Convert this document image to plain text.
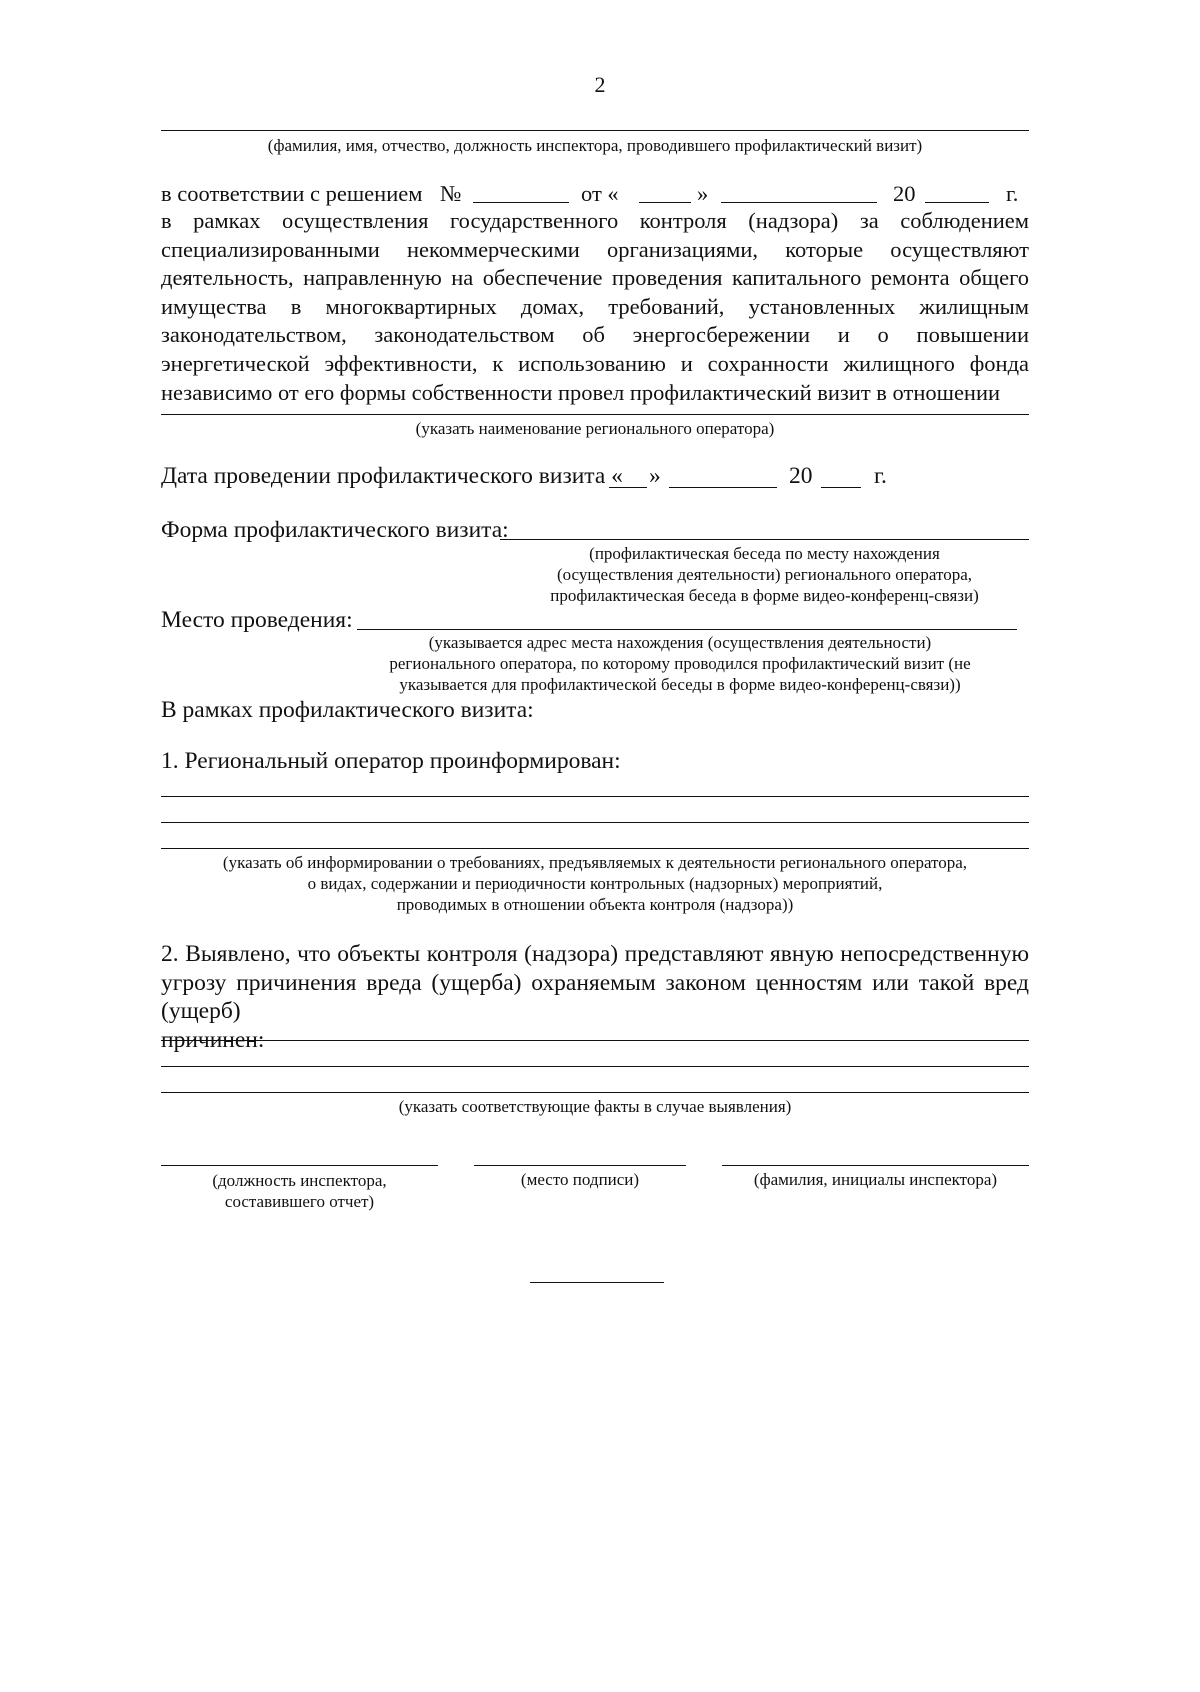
2
(фамилия, имя, отчество, должность инспектора, проводившего профилактический визит)
в соответствии с решением №	от «	»	20	г.
в рамках осуществления государственного контроля (надзора) за соблюдением
специализированными некоммерческими организациями, которые осуществляют
деятельность, направленную на обеспечение проведения капитального ремонта общего
имущества в многоквартирных домах, требований, установленных жилищным
законодательством, законодательством об энергосбережении и о повышении
энергетической эффективности, к использованию и сохранности жилищного фонда
независимо от его формы собственности провел профилактический визит в отношении
(указать наименование регионального оператора)
Дата проведении профилактического визита « »	20	г.
Форма профилактического визита:
(профилактическая беседа по месту нахождения
(осуществления деятельности) регионального оператора,
профилактическая беседа в форме видео-конференц-связи)
Место проведения:
(указывается адрес места нахождения (осуществления деятельности)
регионального оператора, по которому проводился профилактический визит (не
указывается для профилактической беседы в форме видео-конференц-связи))
В рамках профилактического визита:
1. Региональный оператор проинформирован:
(указать об информировании о требованиях, предъявляемых к деятельности регионального оператора,
о видах, содержании и периодичности контрольных (надзорных) мероприятий,
проводимых в отношении объекта контроля (надзора))
2. Выявлено, что объекты контроля (надзора) представляют явную непосредственную
угрозу причинения вреда (ущерба) охраняемым законом ценностям или такой вред (ущерб)
причинен:
(указать соответствующие факты в случае выявления)
(должность инспектора,
составившего отчет)
(место подписи)	(фамилия, инициалы инспектора)
